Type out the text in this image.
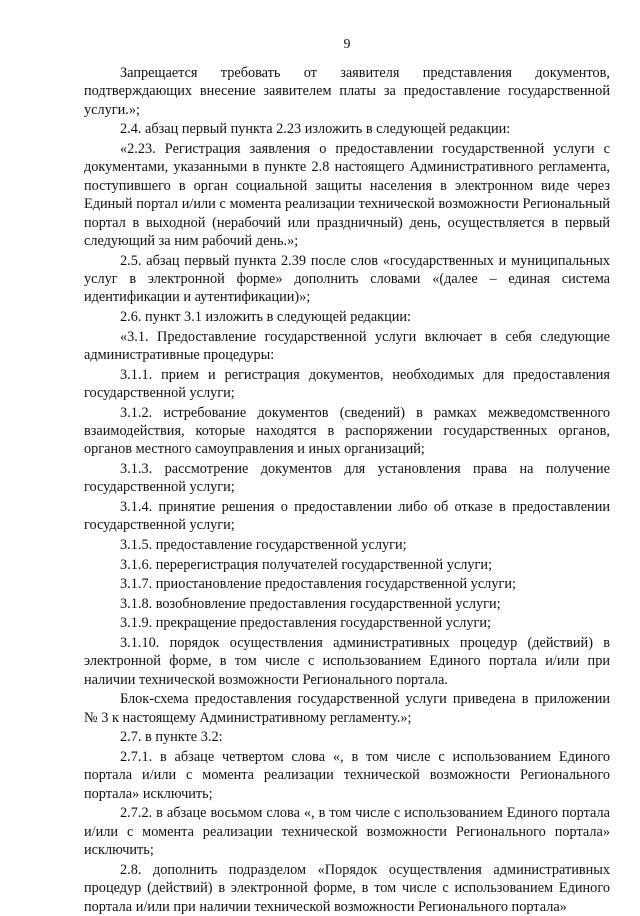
9

Запрещается требовать от заявителя представления документов, подтверждающих внесение заявителем платы за предоставление государственной услуги.»;

2.4. абзац первый пункта 2.23 изложить в следующей редакции:

«2.23. Регистрация заявления о предоставлении государственной услуги с документами, указанными в пункте 2.8 настоящего Административного регламента, поступившего в орган социальной защиты населения в электронном виде через Единый портал и/или с момента реализации технической возможности Региональный портал в выходной (нерабочий или праздничный) день, осуществляется в первый следующий за ним рабочий день.»;

2.5. абзац первый пункта 2.39 после слов «государственных и муниципальных услуг в электронной форме» дополнить словами «(далее – единая система идентификации и аутентификации)»;

2.6. пункт 3.1 изложить в следующей редакции:

«3.1. Предоставление государственной услуги включает в себя следующие административные процедуры:

3.1.1. прием и регистрация документов, необходимых для предоставления государственной услуги;

3.1.2. истребование документов (сведений) в рамках межведомственного взаимодействия, которые находятся в распоряжении государственных органов, органов местного самоуправления и иных организаций;

3.1.3. рассмотрение документов для установления права на получение государственной услуги;

3.1.4. принятие решения о предоставлении либо об отказе в предоставлении государственной услуги;

3.1.5. предоставление государственной услуги;

3.1.6. перерегистрация получателей государственной услуги;

3.1.7. приостановление предоставления государственной услуги;

3.1.8. возобновление предоставления государственной услуги;

3.1.9. прекращение предоставления государственной услуги;

3.1.10. порядок осуществления административных процедур (действий) в электронной форме, в том числе с использованием Единого портала и/или при наличии технической возможности Регионального портала.

Блок-схема предоставления государственной услуги приведена в приложении № 3 к настоящему Административному регламенту.»;

2.7. в пункте 3.2:

2.7.1. в абзаце четвертом слова «, в том числе с использованием Единого портала и/или с момента реализации технической возможности Регионального портала» исключить;

2.7.2. в абзаце восьмом слова «, в том числе с использованием Единого портала и/или с момента реализации технической возможности Регионального портала» исключить;

2.8. дополнить подразделом «Порядок осуществления административных процедур (действий) в электронной форме, в том числе с использованием Единого портала и/или при наличии технической возможности Регионального портала»
